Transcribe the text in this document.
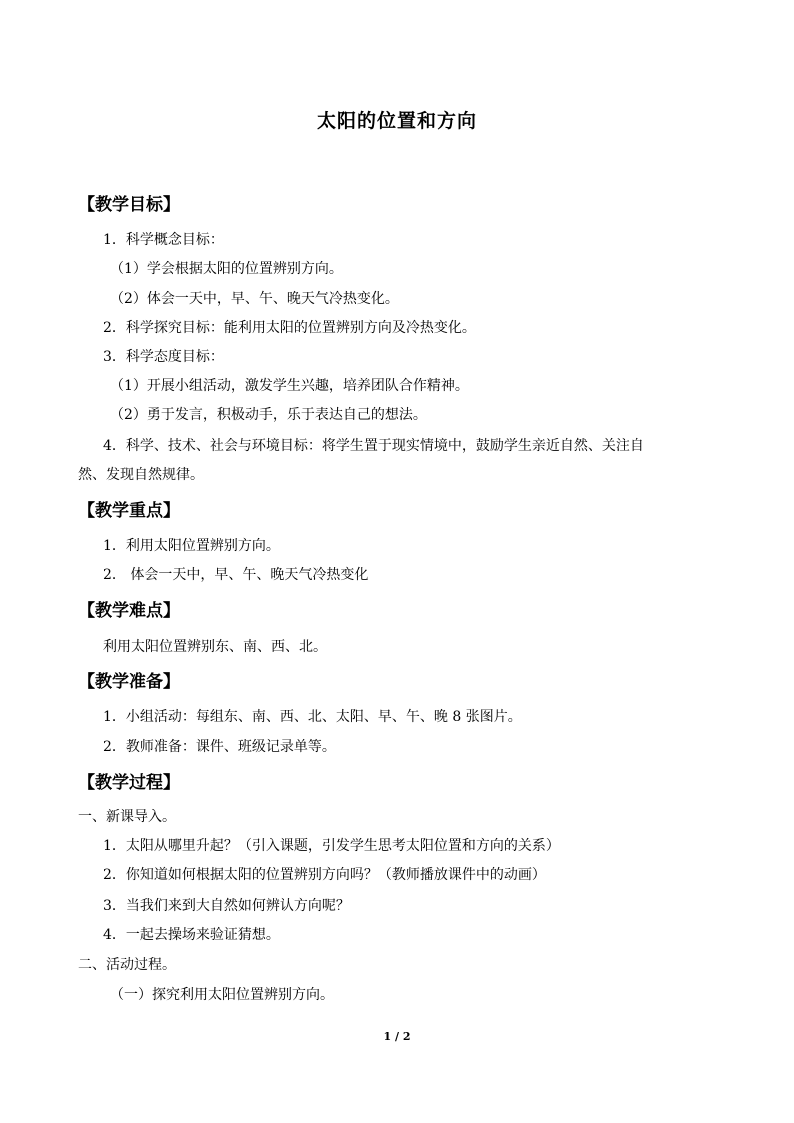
太阳的位置和方向
【教学目标】
1．科学概念目标：
（1）学会根据太阳的位置辨别方向。
（2）体会一天中，早、午、晚天气冷热变化。
2．科学探究目标：能利用太阳的位置辨别方向及冷热变化。
3．科学态度目标：
（1）开展小组活动，激发学生兴趣，培养团队合作精神。
（2）勇于发言，积极动手，乐于表达自己的想法。
4．科学、技术、社会与环境目标：将学生置于现实情境中，鼓励学生亲近自然、关注自
然、发现自然规律。
【教学重点】
1．利用太阳位置辨别方向。
2． 体会一天中，早、午、晚天气冷热变化
【教学难点】
利用太阳位置辨别东、南、西、北。
【教学准备】
1．小组活动：每组东、南、西、北、太阳、早、午、晚 8 张图片。
2．教师准备：课件、班级记录单等。
【教学过程】
一、新课导入。
1．太阳从哪里升起？（引入课题，引发学生思考太阳位置和方向的关系）
2．你知道如何根据太阳的位置辨别方向吗？（教师播放课件中的动画）
3．当我们来到大自然如何辨认方向呢？
4．一起去操场来验证猜想。
二、活动过程。
（一）探究利用太阳位置辨别方向。
1 / 2
